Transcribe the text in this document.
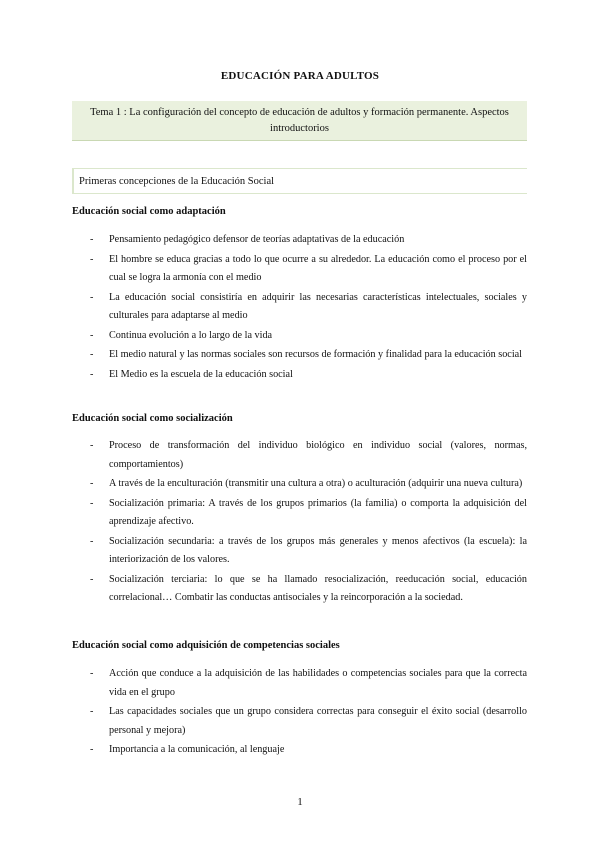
EDUCACIÓN PARA ADULTOS
Tema 1 : La configuración del concepto de educación de adultos y formación permanente. Aspectos introductorios
Primeras concepciones de la Educación Social
Educación social como adaptación
- Pensamiento pedagógico defensor de teorías adaptativas de la educación
- El hombre se educa gracias a todo lo que ocurre a su alrededor. La educación como el proceso por el cual se logra la armonía con el medio
- La educación social consistiría en adquirir las necesarias características intelectuales, sociales y culturales para adaptarse al medio
- Continua evolución a lo largo de la vida
- El medio natural y las normas sociales son recursos de formación y finalidad para la educación social
- El Medio es la escuela de la educación social
Educación social como socialización
- Proceso de transformación del individuo biológico en individuo social (valores, normas, comportamientos)
- A través de la enculturación (transmitir una cultura a otra) o aculturación (adquirir una nueva cultura)
- Socialización primaria: A través de los grupos primarios (la familia) o comporta la adquisición del aprendizaje afectivo.
- Socialización secundaria: a través de los grupos más generales y menos afectivos (la escuela): la interiorización de los valores.
- Socialización terciaria: lo que se ha llamado resocialización, reeducación social, educación correlacional… Combatir las conductas antisociales y la reincorporación a la sociedad.
Educación social como adquisición de competencias sociales
- Acción que conduce a la adquisición de las habilidades o competencias sociales para que la correcta vida en el grupo
- Las capacidades sociales que un grupo considera correctas para conseguir el éxito social (desarrollo personal y mejora)
- Importancia a la comunicación, al lenguaje
1
